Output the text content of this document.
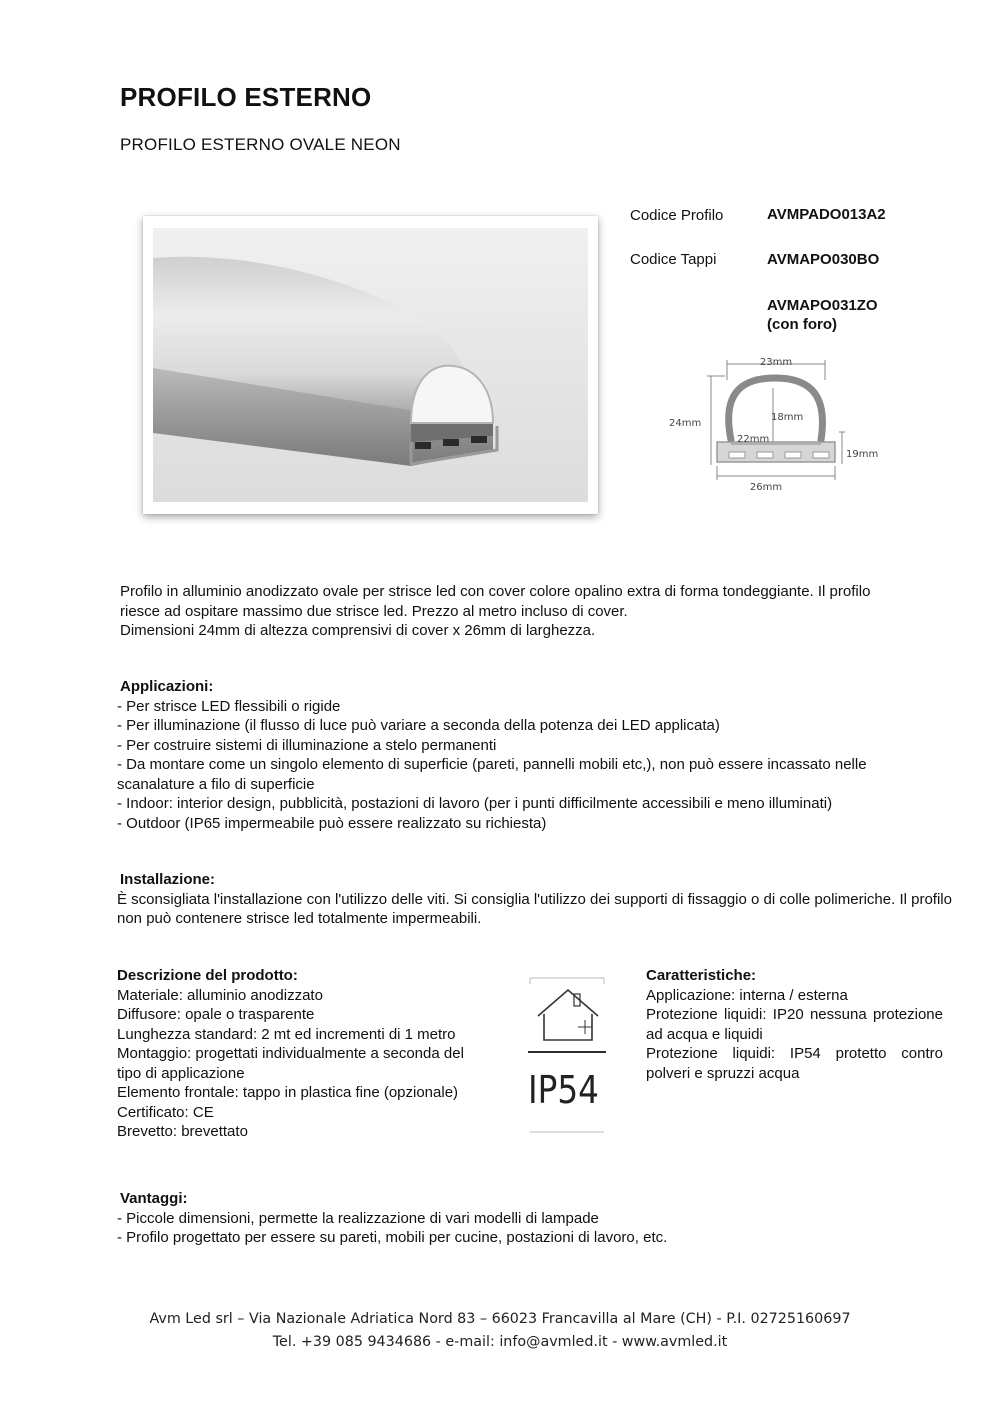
PROFILO ESTERNO
PROFILO ESTERNO OVALE NEON
Codice Profilo	AVMPADO013A2
Codice Tappi	AVMAPO030BO
AVMAPO031ZO
(con foro)
23mm
24mm
18mm
22mm
19mm
26mm
Profilo in alluminio anodizzato ovale per strisce led con cover colore opalino extra di forma tondeggiante. Il profilo
riesce ad ospitare massimo due strisce led. Prezzo al metro incluso di cover.
Dimensioni 24mm di altezza comprensivi di cover x 26mm di larghezza.
Applicazioni:
- Per strisce LED flessibili o rigide
- Per illuminazione (il flusso di luce può variare a seconda della potenza dei LED applicata)
- Per costruire sistemi di illuminazione a stelo permanenti
- Da montare come un singolo elemento di superficie (pareti, pannelli mobili etc,), non può essere incassato nelle
scanalature a filo di superficie
- Indoor: interior design, pubblicità, postazioni di lavoro (per i punti difficilmente accessibili e meno illuminati)
- Outdoor (IP65 impermeabile può essere realizzato su richiesta)
Installazione:
È sconsigliata l'installazione con l'utilizzo delle viti. Si consiglia l'utilizzo dei supporti di fissaggio o di colle polimeriche. Il profilo non può contenere strisce led totalmente impermeabili.
Descrizione del prodotto:
Materiale: alluminio anodizzato
Diffusore: opale o trasparente
Lunghezza standard: 2 mt ed incrementi di 1 metro
Montaggio: progettati individualmente a seconda del
tipo di applicazione
Elemento frontale: tappo in plastica fine (opzionale)
Certificato: CE
Brevetto: brevettato
IP54
Caratteristiche:
Applicazione: interna / esterna
Protezione liquidi: IP20 nessuna protezione ad acqua e liquidi
Protezione liquidi: IP54 protetto contro polveri e spruzzi acqua
Vantaggi:
- Piccole dimensioni, permette la realizzazione di vari modelli di lampade
- Profilo progettato per essere su pareti, mobili per cucine, postazioni di lavoro, etc.
Avm Led srl – Via Nazionale Adriatica Nord 83 – 66023 Francavilla al Mare (CH) - P.I. 02725160697
Tel. +39 085 9434686 - e-mail: info@avmled.it - www.avmled.it
